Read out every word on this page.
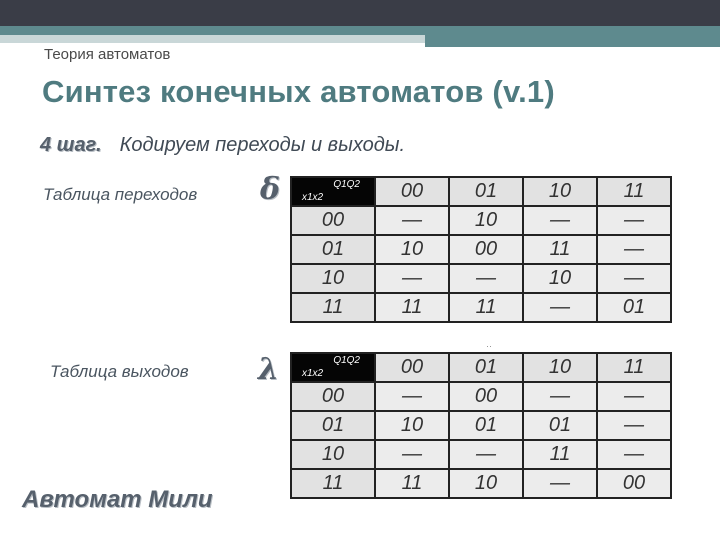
Теория автоматов
Синтез конечных автоматов (v.1)
4 шаг. Кодируем переходы и выходы.
Таблица переходов δ	Q1Q2
x1x2	00	01	10	11
00	—	10	—	—
01	10	00	11	—
10	—	—	10	—
11	11	11	—	01
··
Таблица выходов λ	Q1Q2
x1x2	00	01	10	11
00	—	00	—	—
01	10	01	01	—
10	—	—	11	—
11	11	10	—	00
Автомат Мили
